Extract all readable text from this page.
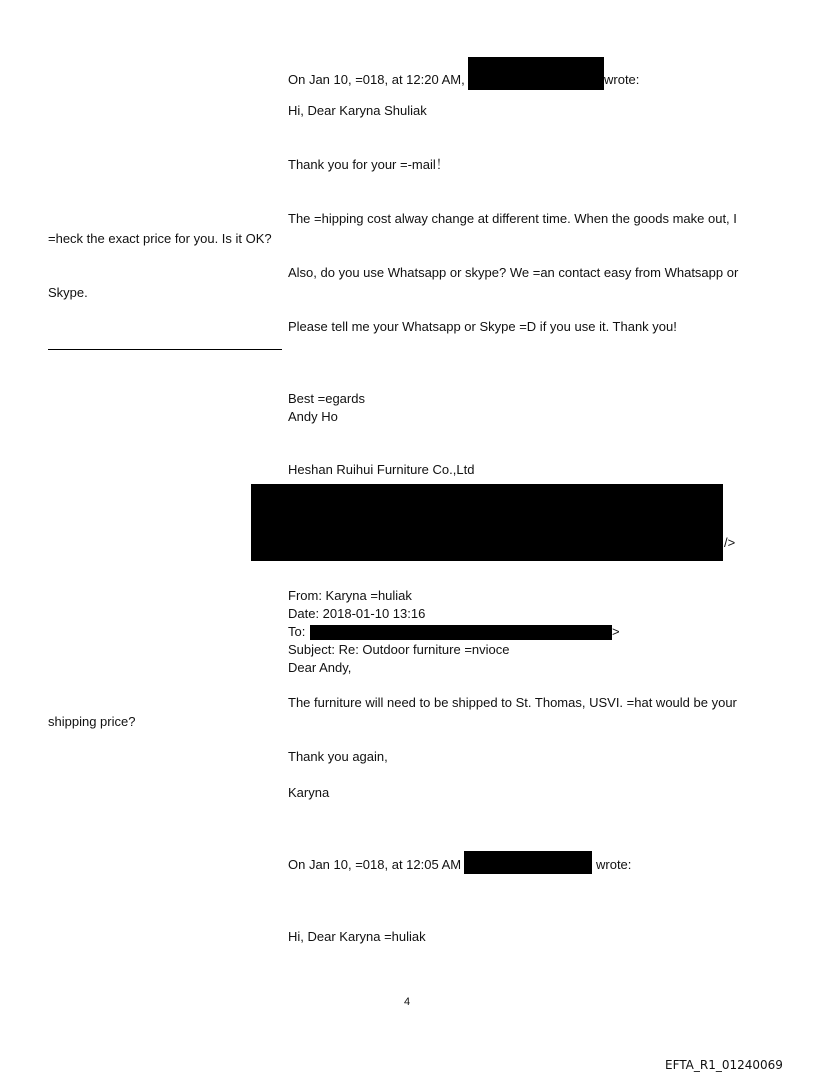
On Jan 10, =018, at 12:20 AM,	wrote:
Hi, Dear Karyna Shuliak
Thank you for your =-mail！
The =hipping cost alway change at different time. When the goods make out, I
=heck the exact price for you. Is it OK?
Also, do you use Whatsapp or skype? We =an contact easy from Whatsapp or
Skype.
Please tell me your Whatsapp or Skype =D if you use it. Thank you!
Best =egards
Andy Ho
Heshan Ruihui Furniture Co.,Ltd
/>
From: Karyna =huliak
Date: 2018-01-10 13:16
To:	>
Subject: Re: Outdoor furniture =nvioce
Dear Andy,
The furniture will need to be shipped to St. Thomas, USVI. =hat would be your
shipping price?
Thank you again,
Karyna
On Jan 10, =018, at 12:05 AM	wrote:
Hi, Dear Karyna =huliak
4
EFTA_R1_01240069
